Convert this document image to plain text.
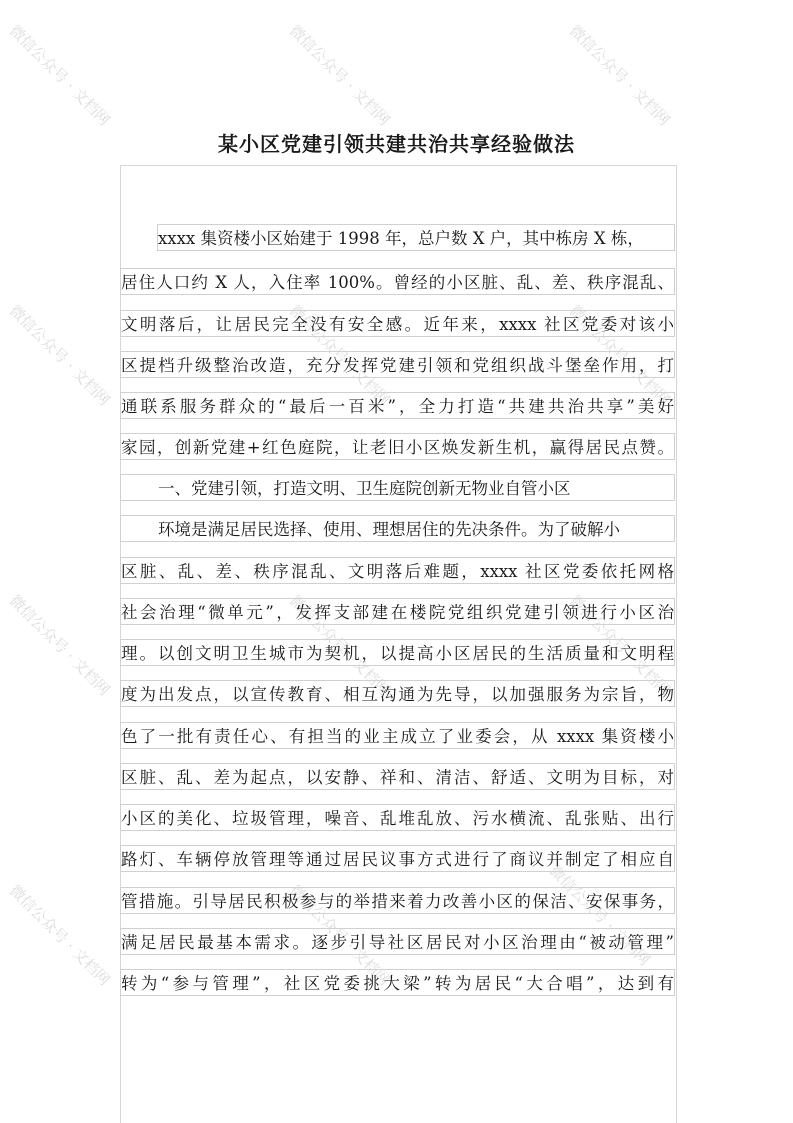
微信公众号 · 文档网	微信公众号 · 文档网	微信公众号 · 文档网
微信公众号 · 文档网	微信公众号 · 文档网	微信公众号 · 文档网
微信公众号 · 文档网	微信公众号 · 文档网	微信公众号 · 文档网
微信公众号 · 文档网	微信公众号 · 文档网	微信公众号 · 文档网
某小区党建引领共建共治共享经验做法
xxxx 集资楼小区始建于 1998 年，总户数 X 户，其中栋房 X 栋，
居住人口约 X 人，入住率 100%。曾经的小区脏、乱、差、秩序混乱、
文明落后，让居民完全没有安全感。近年来，xxxx 社区党委对该小
区提档升级整治改造，充分发挥党建引领和党组织战斗堡垒作用，打
通联系服务群众的“最后一百米”，全力打造“共建共治共享”美好
家园，创新党建+红色庭院，让老旧小区焕发新生机，赢得居民点赞。
一、党建引领，打造文明、卫生庭院创新无物业自管小区
环境是满足居民选择、使用、理想居住的先决条件。为了破解小
区脏、乱、差、秩序混乱、文明落后难题，xxxx 社区党委依托网格
社会治理“微单元”，发挥支部建在楼院党组织党建引领进行小区治
理。以创文明卫生城市为契机，以提高小区居民的生活质量和文明程
度为出发点，以宣传教育、相互沟通为先导，以加强服务为宗旨，物
色了一批有责任心、有担当的业主成立了业委会，从 xxxx 集资楼小
区脏、乱、差为起点，以安静、祥和、清洁、舒适、文明为目标，对
小区的美化、垃圾管理，噪音、乱堆乱放、污水横流、乱张贴、出行
路灯、车辆停放管理等通过居民议事方式进行了商议并制定了相应自
管措施。引导居民积极参与的举措来着力改善小区的保洁、安保事务，
满足居民最基本需求。逐步引导社区居民对小区治理由“被动管理”
转为“参与管理”，社区党委挑大梁”转为居民“大合唱”，达到有
